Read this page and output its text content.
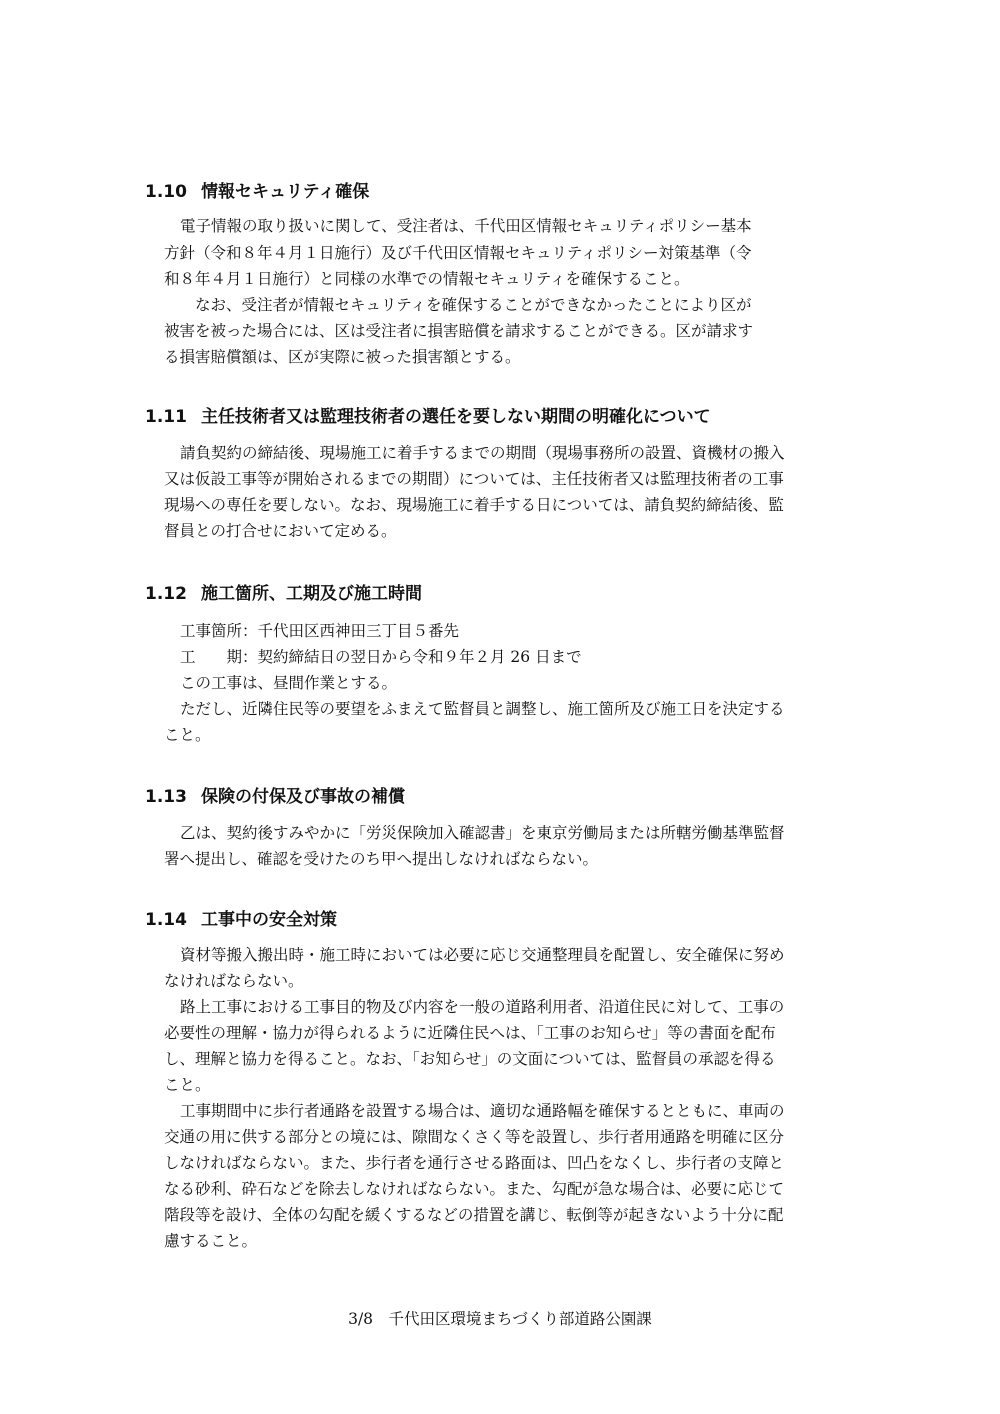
1.10 情報セキュリティ確保

電子情報の取り扱いに関して、受注者は、千代田区情報セキュリティポリシー基本

方針（令和８年４月１日施行）及び千代田区情報セキュリティポリシー対策基準（令

和８年４月１日施行）と同様の水準での情報セキュリティを確保すること。

なお、受注者が情報セキュリティを確保することができなかったことにより区が

被害を被った場合には、区は受注者に損害賠償を請求することができる。区が請求す

る損害賠償額は、区が実際に被った損害額とする。

1.11 主任技術者又は監理技術者の選任を要しない期間の明確化について

請負契約の締結後、現場施工に着手するまでの期間（現場事務所の設置、資機材の搬入

又は仮設工事等が開始されるまでの期間）については、主任技術者又は監理技術者の工事

現場への専任を要しない。なお、現場施工に着手する日については、請負契約締結後、監

督員との打合せにおいて定める。

1.12 施工箇所、工期及び施工時間

工事箇所：千代田区西神田三丁目５番先

工　　期：契約締結日の翌日から令和９年２月 26 日まで

この工事は、昼間作業とする。

ただし、近隣住民等の要望をふまえて監督員と調整し、施工箇所及び施工日を決定する

こと。

1.13 保険の付保及び事故の補償

乙は、契約後すみやかに「労災保険加入確認書」を東京労働局または所轄労働基準監督

署へ提出し、確認を受けたのち甲へ提出しなければならない。

1.14 工事中の安全対策

資材等搬入搬出時・施工時においては必要に応じ交通整理員を配置し、安全確保に努め

なければならない。

路上工事における工事目的物及び内容を一般の道路利用者、沿道住民に対して、工事の

必要性の理解・協力が得られるように近隣住民へは、「工事のお知らせ」等の書面を配布

し、理解と協力を得ること。なお、「お知らせ」の文面については、監督員の承認を得る

こと。

工事期間中に歩行者通路を設置する場合は、適切な通路幅を確保するとともに、車両の

交通の用に供する部分との境には、隙間なくさく等を設置し、歩行者用通路を明確に区分

しなければならない。また、歩行者を通行させる路面は、凹凸をなくし、歩行者の支障と

なる砂利、砕石などを除去しなければならない。また、勾配が急な場合は、必要に応じて

階段等を設け、全体の勾配を緩くするなどの措置を講じ、転倒等が起きないよう十分に配

慮すること。

3/8　千代田区環境まちづくり部道路公園課
